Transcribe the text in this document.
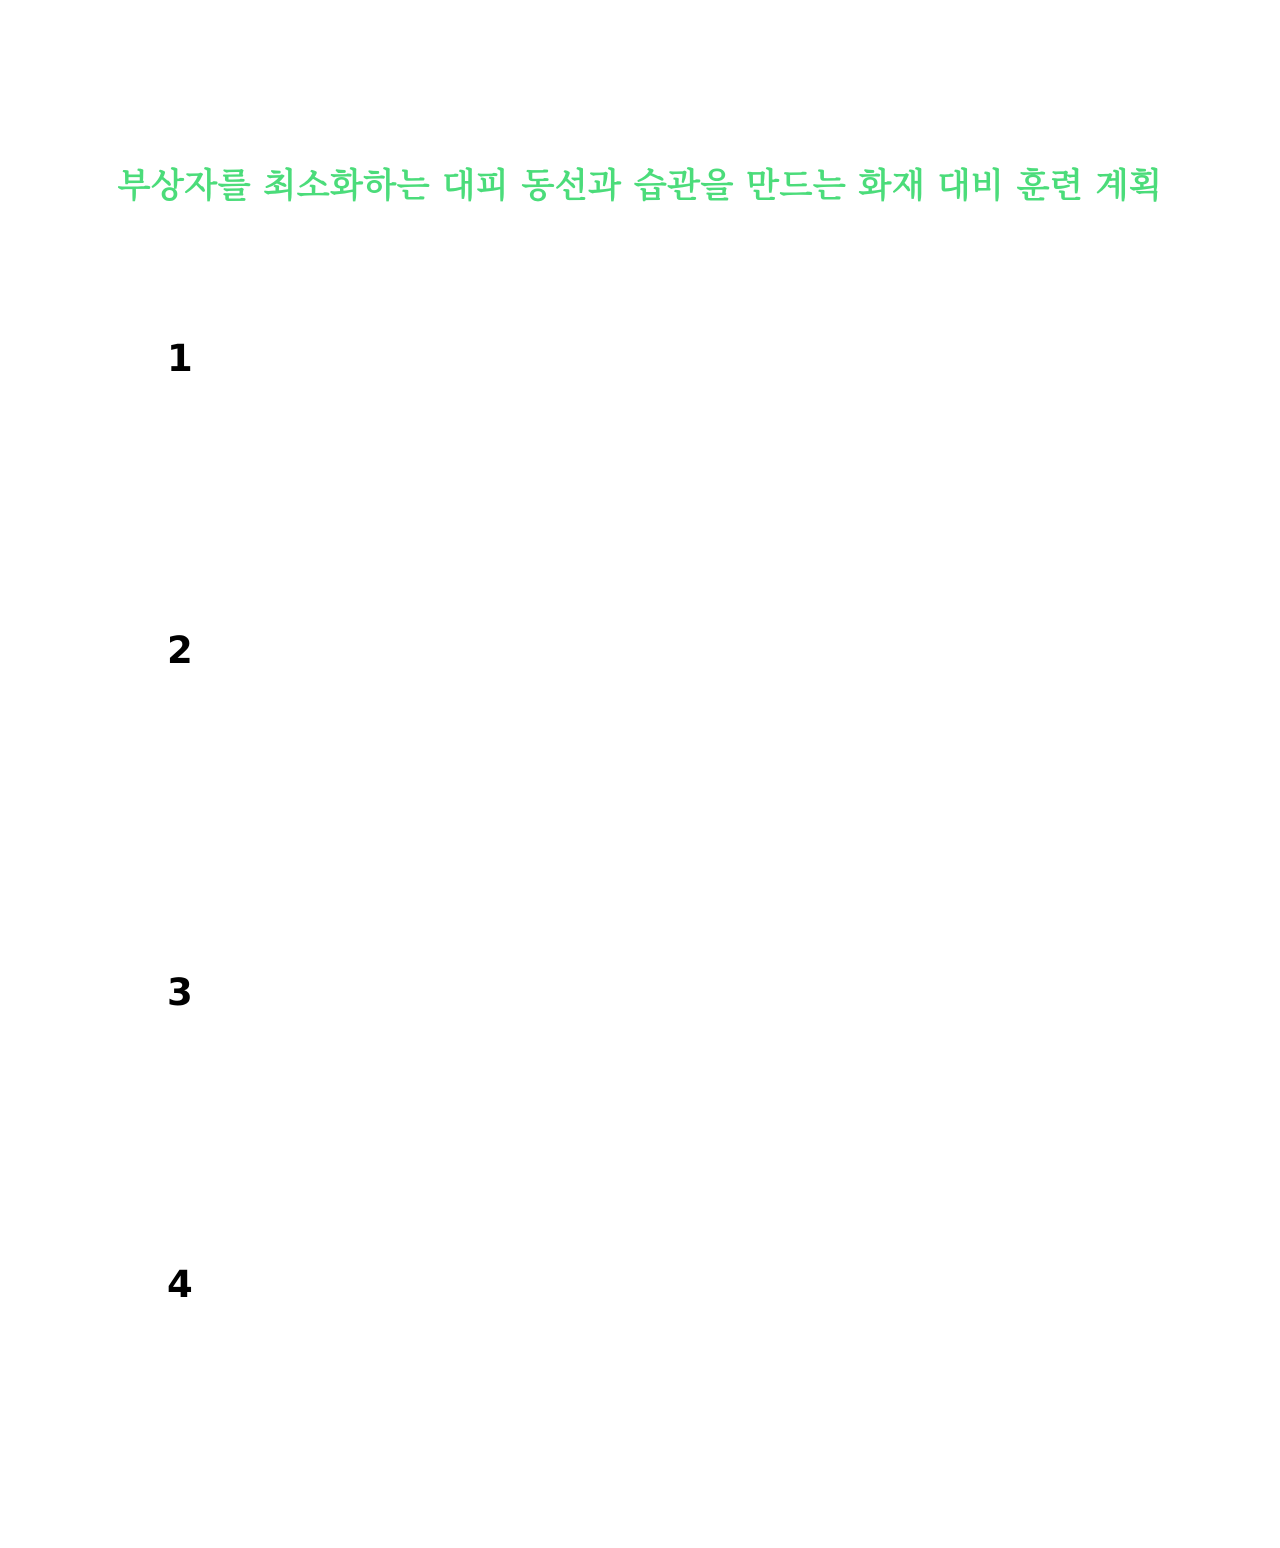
부상자를 최소화하는 대피 동선과 습관을 만드는 화재 대비 훈련 계획
1
2
3
4
